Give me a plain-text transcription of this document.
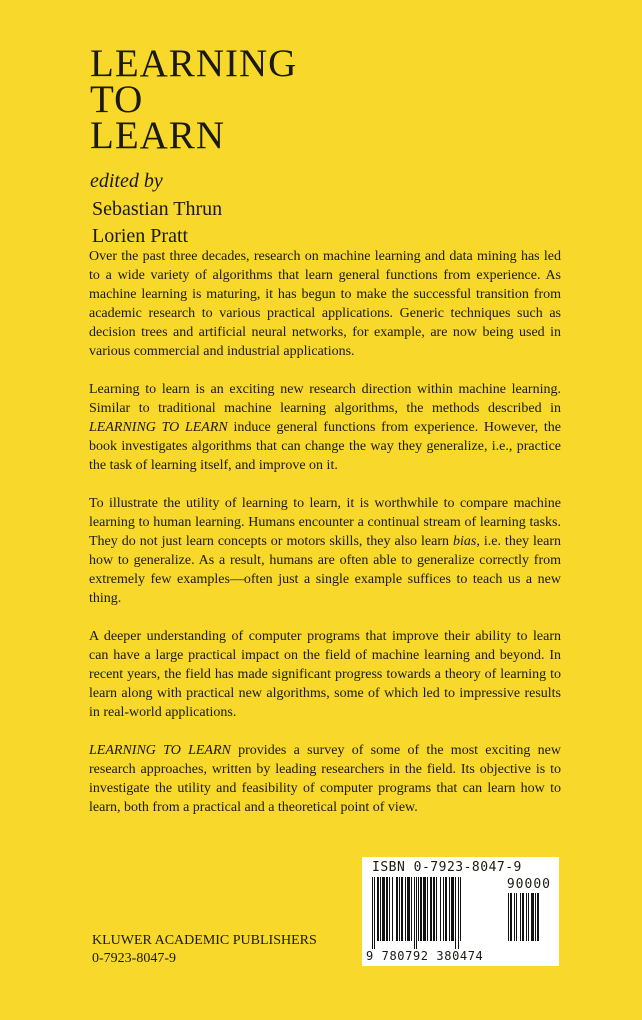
LEARNING
TO
LEARN
edited by
Sebastian Thrun
Lorien Pratt

Over the past three decades, research on machine learning and data mining has led to a wide variety of algorithms that learn general functions from experience. As machine learning is maturing, it has begun to make the successful transition from academic research to various practical applications. Generic techniques such as decision trees and artificial neural networks, for example, are now being used in various commercial and industrial applications.

Learning to learn is an exciting new research direction within machine learning. Similar to traditional machine learning algorithms, the methods described in LEARNING TO LEARN induce general functions from experience. However, the book investigates algorithms that can change the way they generalize, i.e., practice the task of learning itself, and improve on it.

To illustrate the utility of learning to learn, it is worthwhile to compare machine learning to human learning. Humans encounter a continual stream of learning tasks. They do not just learn concepts or motors skills, they also learn bias, i.e. they learn how to generalize. As a result, humans are often able to generalize correctly from extremely few examples—often just a single example suffices to teach us a new thing.

A deeper understanding of computer programs that improve their ability to learn can have a large practical impact on the field of machine learning and beyond. In recent years, the field has made significant progress towards a theory of learning to learn along with practical new algorithms, some of which led to impressive results in real-world applications.

LEARNING TO LEARN provides a survey of some of the most exciting new research approaches, written by leading researchers in the field. Its objective is to investigate the utility and feasibility of computer programs that can learn how to learn, both from a practical and a theoretical point of view.

ISBN 0-7923-8047-9
90000
9 780792 380474
KLUWER ACADEMIC PUBLISHERS
0-7923-8047-9
